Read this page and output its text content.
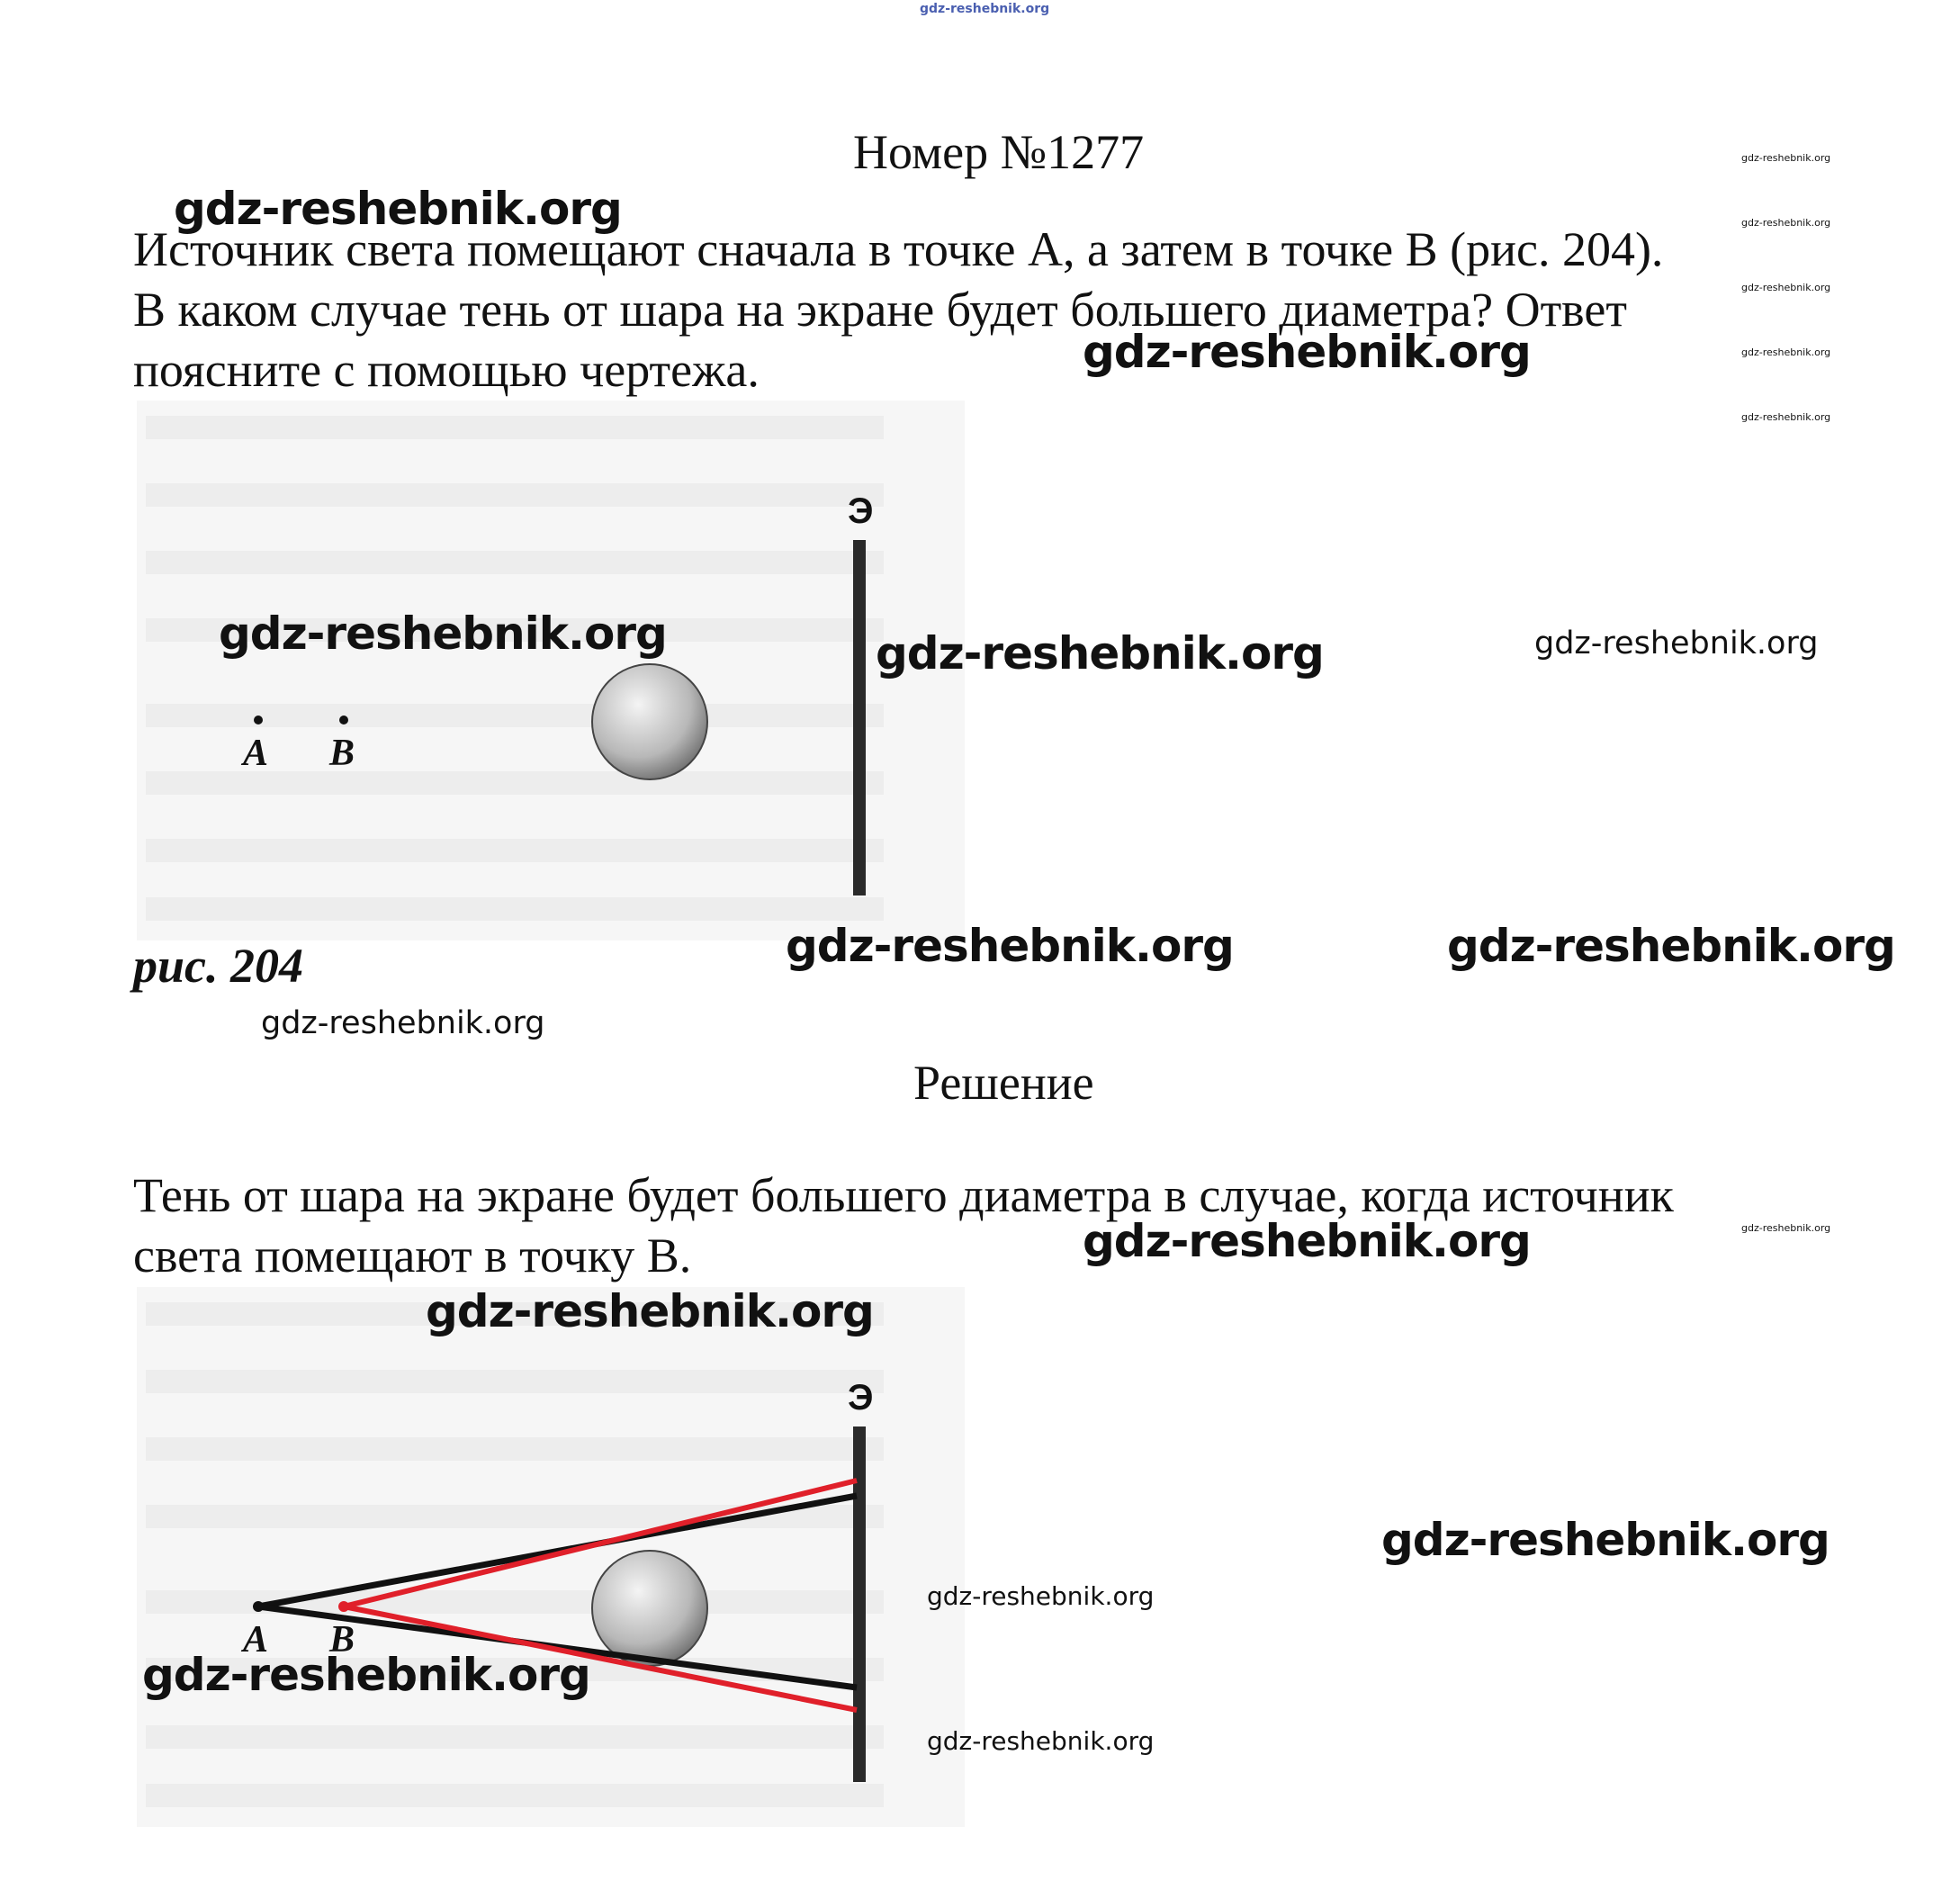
gdz-reshebnik.org
Номер №1277
Источник света помещают сначала в точке А, а затем в точке В (рис. 204).
В каком случае тень от шара на экране будет большего диаметра? Ответ
поясните с помощью чертежа.
Э
A B
рис. 204
Решение
Тень от шара на экране будет большего диаметра в случае, когда источник
света помещают в точку В.
Э
A B
gdz-reshebnik.org
gdz-reshebnik.org
gdz-reshebnik.org	gdz-reshebnik.org
gdz-reshebnik.org	gdz-reshebnik.org
gdz-reshebnik.org
gdz-reshebnik.org
gdz-reshebnik.org
gdz-reshebnik.org
gdz-reshebnik.org
gdz-reshebnik.org
gdz-reshebnik.org
gdz-reshebnik.org
gdz-reshebnik.org
gdz-reshebnik.org
gdz-reshebnik.org
gdz-reshebnik.org
gdz-reshebnik.org
gdz-reshebnik.org
